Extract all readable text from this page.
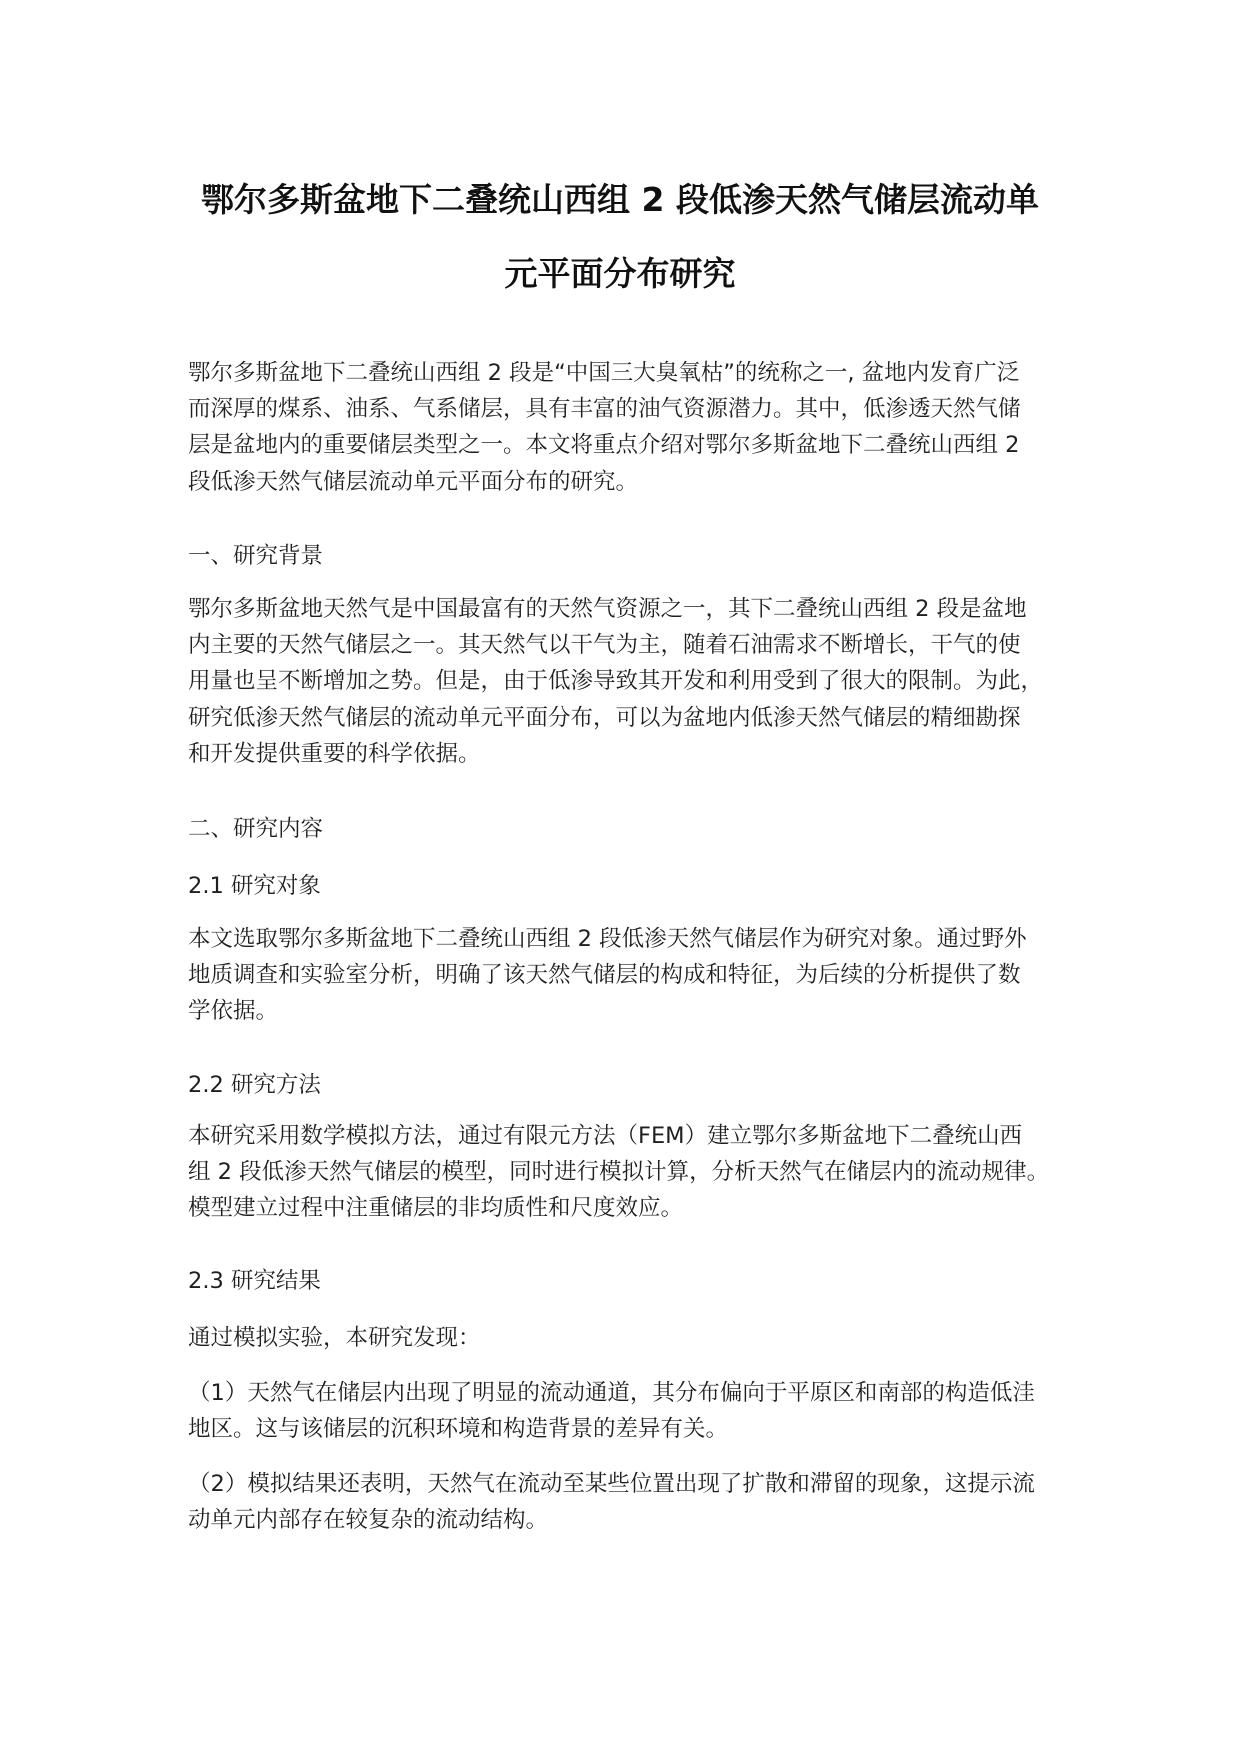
鄂尔多斯盆地下二叠统山西组 2 段低渗天然气储层流动单
元平面分布研究
鄂尔多斯盆地下二叠统山西组 2 段是“中国三大臭氧枯”的统称之一, 盆地内发育广泛
而深厚的煤系、油系、气系储层，具有丰富的油气资源潜力。其中，低渗透天然气储
层是盆地内的重要储层类型之一。本文将重点介绍对鄂尔多斯盆地下二叠统山西组 2
段低渗天然气储层流动单元平面分布的研究。
一、研究背景
鄂尔多斯盆地天然气是中国最富有的天然气资源之一，其下二叠统山西组 2 段是盆地
内主要的天然气储层之一。其天然气以干气为主，随着石油需求不断增长，干气的使
用量也呈不断增加之势。但是，由于低渗导致其开发和利用受到了很大的限制。为此，
研究低渗天然气储层的流动单元平面分布，可以为盆地内低渗天然气储层的精细勘探
和开发提供重要的科学依据。
二、研究内容
2.1 研究对象
本文选取鄂尔多斯盆地下二叠统山西组 2 段低渗天然气储层作为研究对象。通过野外
地质调查和实验室分析，明确了该天然气储层的构成和特征，为后续的分析提供了数
学依据。
2.2 研究方法
本研究采用数学模拟方法，通过有限元方法（FEM）建立鄂尔多斯盆地下二叠统山西
组 2 段低渗天然气储层的模型，同时进行模拟计算，分析天然气在储层内的流动规律。
模型建立过程中注重储层的非均质性和尺度效应。
2.3 研究结果
通过模拟实验，本研究发现：
（1）天然气在储层内出现了明显的流动通道，其分布偏向于平原区和南部的构造低洼
地区。这与该储层的沉积环境和构造背景的差异有关。
（2）模拟结果还表明，天然气在流动至某些位置出现了扩散和滞留的现象，这提示流
动单元内部存在较复杂的流动结构。
